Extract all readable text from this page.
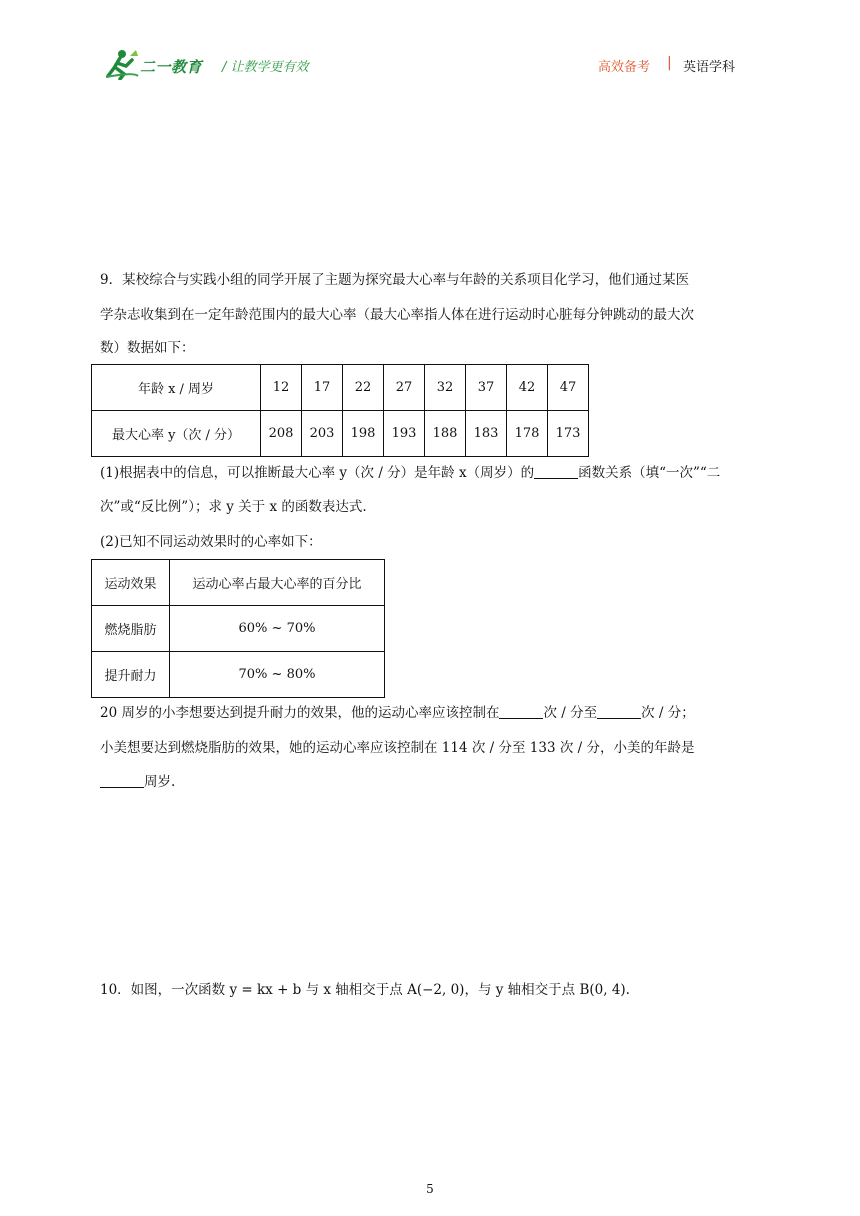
二一教育 / 让教学更有效	高效备考 | 英语学科
9．某校综合与实践小组的同学开展了主题为探究最大心率与年龄的关系项目化学习，他们通过某医
学杂志收集到在一定年龄范围内的最大心率（最大心率指人体在进行运动时心脏每分钟跳动的最大次
数）数据如下：
年龄 x / 周岁	12	17	22	27	32	37	42	47
最大心率 y（次 / 分）	208	203	198	193	188	183	178	173
(1)根据表中的信息，可以推断最大心率 y（次 / 分）是年龄 x（周岁）的	函数关系（填“一次”“二
次”或“反比例”）；求 y 关于 x 的函数表达式.
(2)已知不同运动效果时的心率如下：
运动效果	运动心率占最大心率的百分比
燃烧脂肪	60% ~ 70%
提升耐力	70% ~ 80%
20 周岁的小李想要达到提升耐力的效果，他的运动心率应该控制在	次 / 分至	次 / 分；
小美想要达到燃烧脂肪的效果，她的运动心率应该控制在 114 次 / 分至 133 次 / 分，小美的年龄是
周岁.
10．如图，一次函数 y = kx + b 与 x 轴相交于点 A(−2, 0)，与 y 轴相交于点 B(0, 4).
5
